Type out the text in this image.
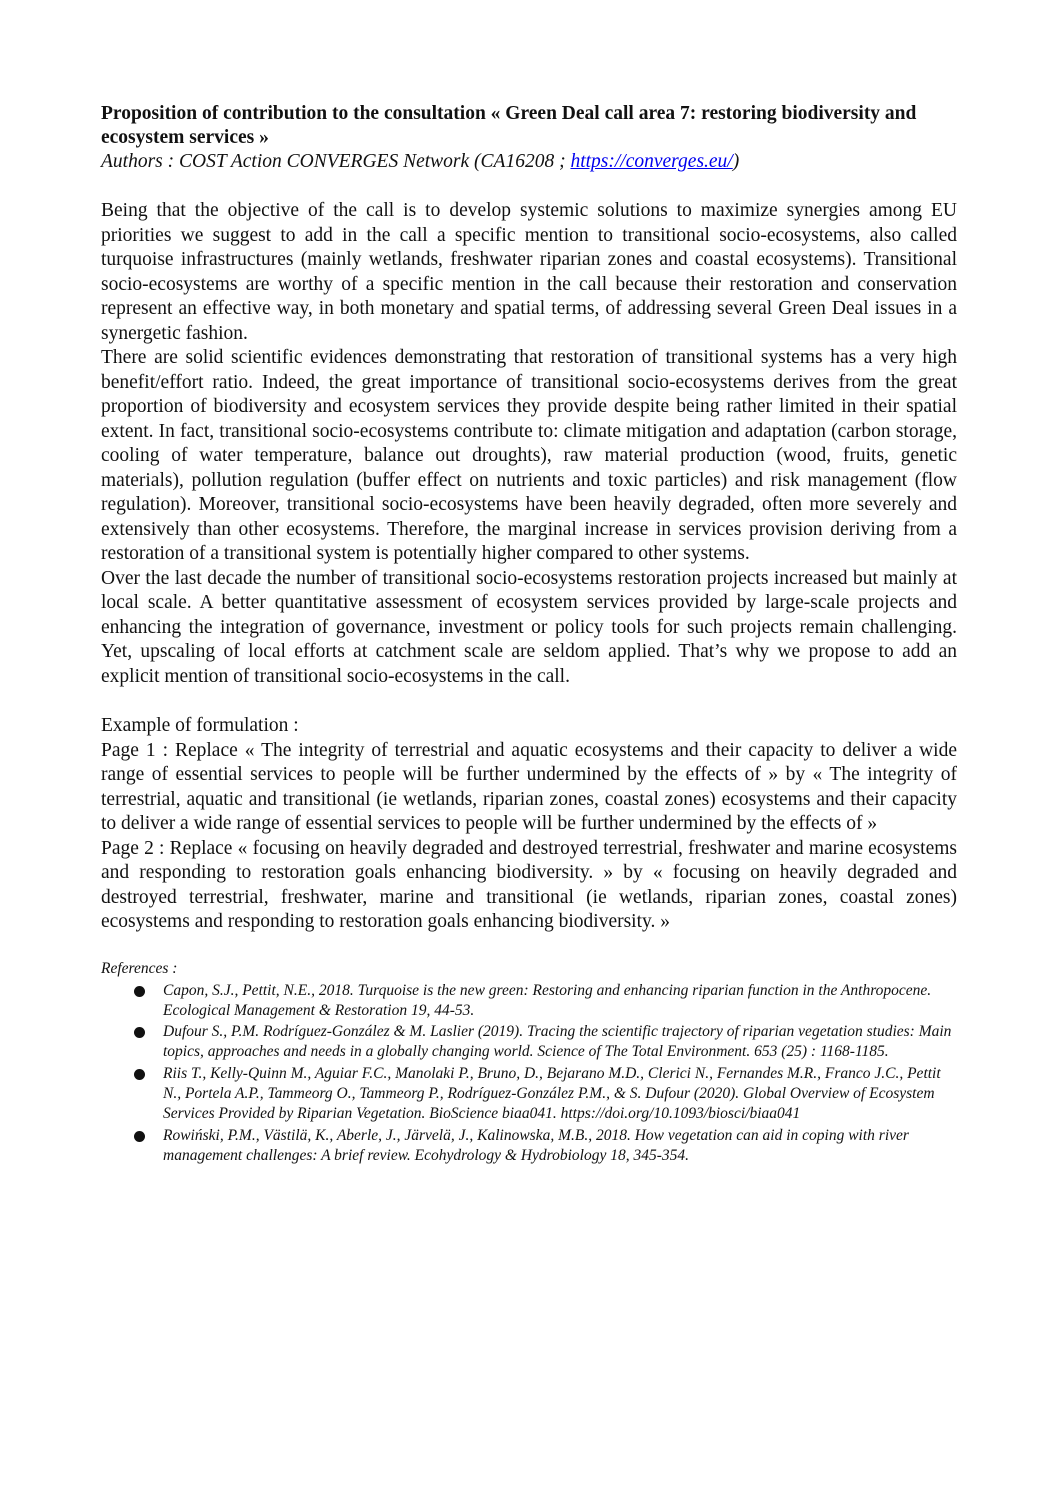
Proposition of contribution to the consultation « Green Deal call area 7: restoring biodiversity and ecosystem services »

Authors : COST Action CONVERGES Network (CA16208 ; https://converges.eu/)

Being that the objective of the call is to develop systemic solutions to maximize synergies among EU priorities we suggest to add in the call a specific mention to transitional socio-ecosystems, also called turquoise infrastructures (mainly wetlands, freshwater riparian zones and coastal ecosystems). Transitional socio-ecosystems are worthy of a specific mention in the call because their restoration and conservation represent an effective way, in both monetary and spatial terms, of addressing several Green Deal issues in a synergetic fashion.

There are solid scientific evidences demonstrating that restoration of transitional systems has a very high benefit/effort ratio. Indeed, the great importance of transitional socio-ecosystems derives from the great proportion of biodiversity and ecosystem services they provide despite being rather limited in their spatial extent. In fact, transitional socio-ecosystems contribute to: climate mitigation and adaptation (carbon storage, cooling of water temperature, balance out droughts), raw material production (wood, fruits, genetic materials), pollution regulation (buffer effect on nutrients and toxic particles) and risk management (flow regulation). Moreover, transitional socio-ecosystems have been heavily degraded, often more severely and extensively than other ecosystems. Therefore, the marginal increase in services provision deriving from a restoration of a transitional system is potentially higher compared to other systems.

Over the last decade the number of transitional socio-ecosystems restoration projects increased but mainly at local scale. A better quantitative assessment of ecosystem services provided by large-scale projects and enhancing the integration of governance, investment or policy tools for such projects remain challenging. Yet, upscaling of local efforts at catchment scale are seldom applied. That’s why we propose to add an explicit mention of transitional socio-ecosystems in the call.

Example of formulation :

Page 1 : Replace « The integrity of terrestrial and aquatic ecosystems and their capacity to deliver a wide range of essential services to people will be further undermined by the effects of » by « The integrity of terrestrial, aquatic and transitional (ie wetlands, riparian zones, coastal zones) ecosystems and their capacity to deliver a wide range of essential services to people will be further undermined by the effects of »

Page 2 : Replace « focusing on heavily degraded and destroyed terrestrial, freshwater and marine ecosystems and responding to restoration goals enhancing biodiversity. » by « focusing on heavily degraded and destroyed terrestrial, freshwater, marine and transitional (ie wetlands, riparian zones, coastal zones) ecosystems and responding to restoration goals enhancing biodiversity. »

References :

Capon, S.J., Pettit, N.E., 2018. Turquoise is the new green: Restoring and enhancing riparian function in the Anthropocene. Ecological Management & Restoration 19, 44-53.
Dufour S., P.M. Rodríguez-González & M. Laslier (2019). Tracing the scientific trajectory of riparian vegetation studies: Main topics, approaches and needs in a globally changing world. Science of The Total Environment. 653 (25) : 1168-1185.
Riis T., Kelly-Quinn M., Aguiar F.C., Manolaki P., Bruno, D., Bejarano M.D., Clerici N., Fernandes M.R., Franco J.C., Pettit N., Portela A.P., Tammeorg O., Tammeorg P., Rodríguez-González P.M., & S. Dufour (2020). Global Overview of Ecosystem Services Provided by Riparian Vegetation. BioScience biaa041. https://doi.org/10.1093/biosci/biaa041
Rowiński, P.M., Västilä, K., Aberle, J., Järvelä, J., Kalinowska, M.B., 2018. How vegetation can aid in coping with river management challenges: A brief review. Ecohydrology & Hydrobiology 18, 345-354.
